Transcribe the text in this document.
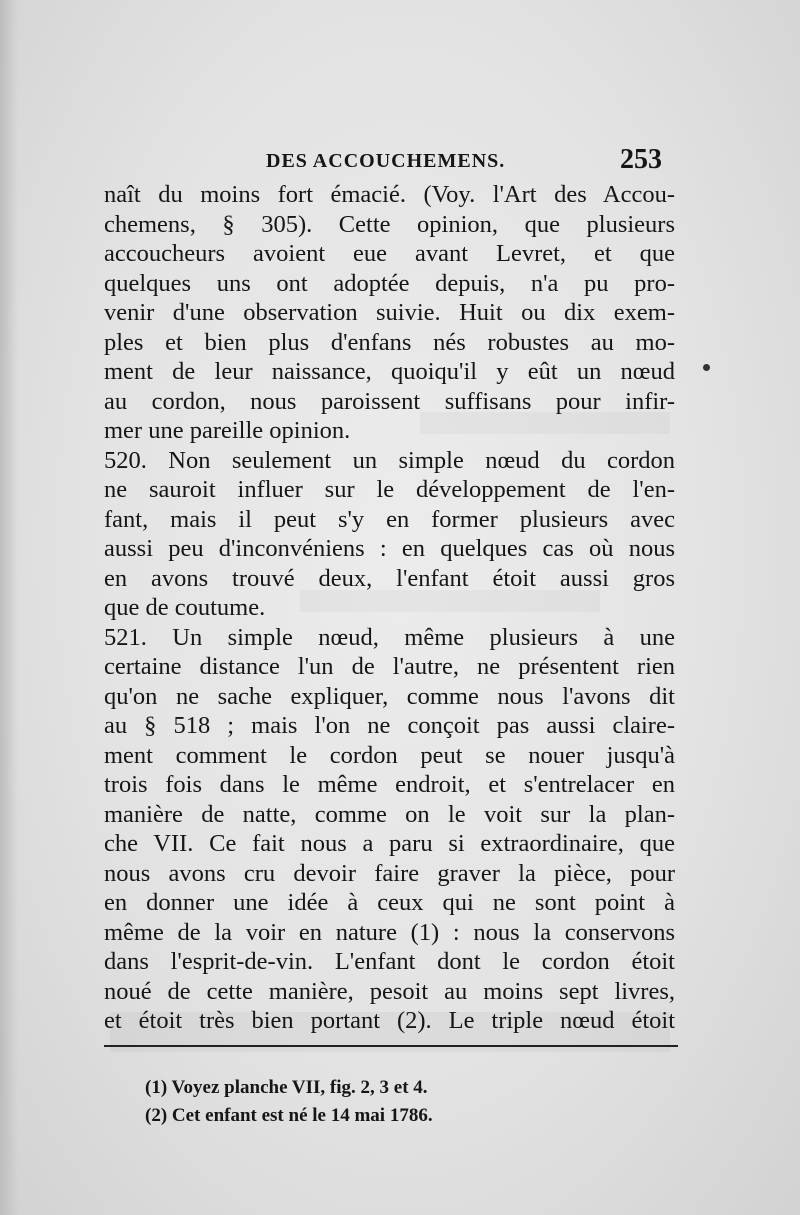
DES ACCOUCHEMENS.	253
naît du moins fort émacié. (Voy. l'Art des Accou-
chemens, § 305). Cette opinion, que plusieurs
accoucheurs avoient eue avant Levret, et que
quelques uns ont adoptée depuis, n'a pu pro-
venir d'une observation suivie. Huit ou dix exem-
ples et bien plus d'enfans nés robustes au mo-
ment de leur naissance, quoiqu'il y eût un nœud
au cordon, nous paroissent suffisans pour infir-
mer une pareille opinion.
520. Non seulement un simple nœud du cordon
ne sauroit influer sur le développement de l'en-
fant, mais il peut s'y en former plusieurs avec
aussi peu d'inconvéniens : en quelques cas où nous
en avons trouvé deux, l'enfant étoit aussi gros
que de coutume.
521. Un simple nœud, même plusieurs à une
certaine distance l'un de l'autre, ne présentent rien
qu'on ne sache expliquer, comme nous l'avons dit
au § 518 ; mais l'on ne conçoit pas aussi claire-
ment comment le cordon peut se nouer jusqu'à
trois fois dans le même endroit, et s'entrelacer en
manière de natte, comme on le voit sur la plan-
che VII. Ce fait nous a paru si extraordinaire, que
nous avons cru devoir faire graver la pièce, pour
en donner une idée à ceux qui ne sont point à
même de la voir en nature (1) : nous la conservons
dans l'esprit-de-vin. L'enfant dont le cordon étoit
noué de cette manière, pesoit au moins sept livres,
et étoit très bien portant (2). Le triple nœud étoit
(1) Voyez planche VII, fig. 2, 3 et 4.
(2) Cet enfant est né le 14 mai 1786.
